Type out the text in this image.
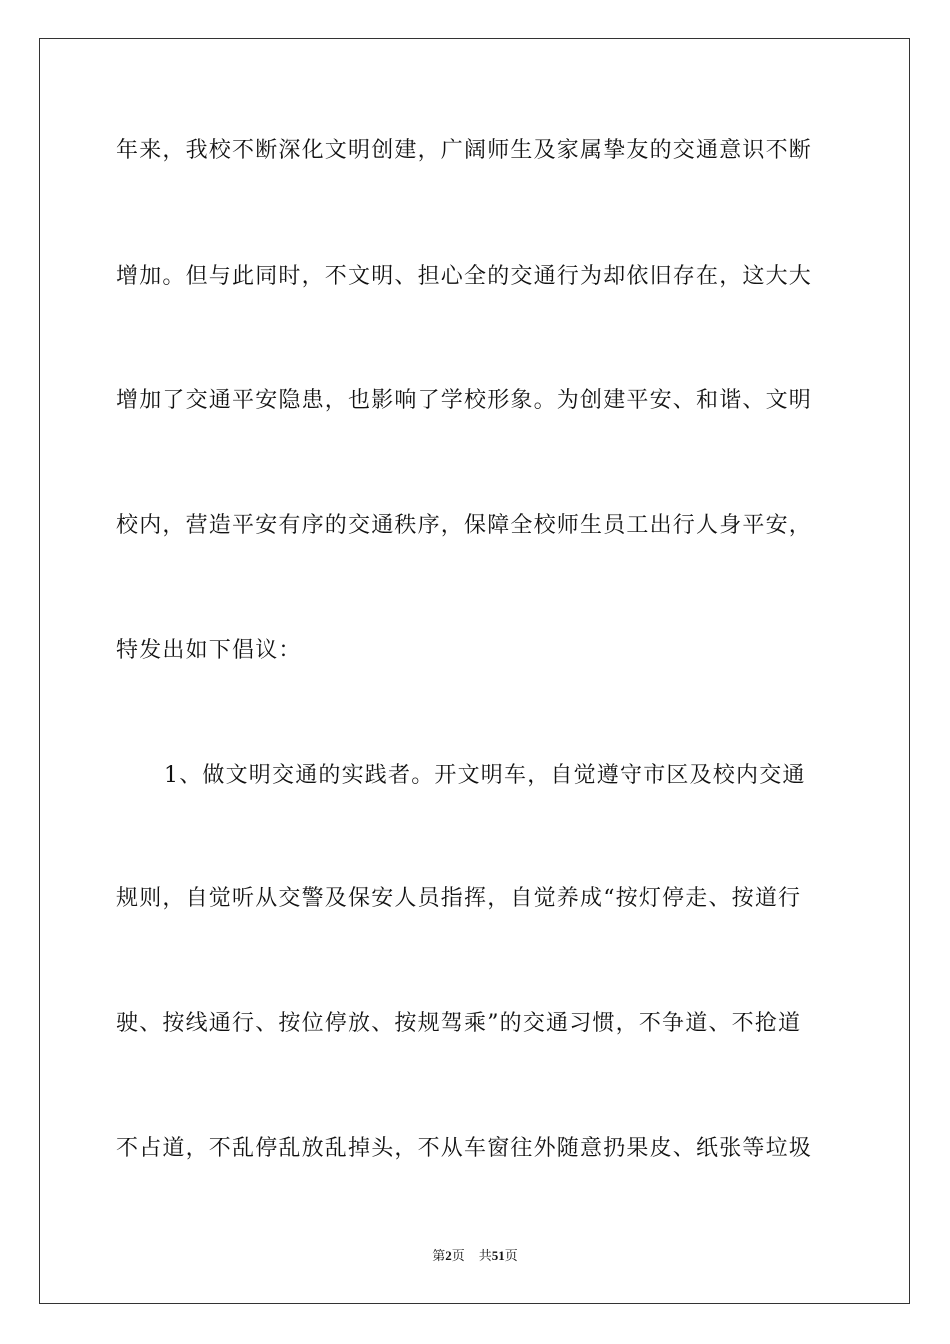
年来，我校不断深化文明创建，广阔师生及家属挚友的交通意识不断
增加。但与此同时，不文明、担心全的交通行为却依旧存在，这大大
增加了交通平安隐患，也影响了学校形象。为创建平安、和谐、文明
校内，营造平安有序的交通秩序，保障全校师生员工出行人身平安，
特发出如下倡议：
1、做文明交通的实践者。开文明车，自觉遵守市区及校内交通
规则，自觉听从交警及保安人员指挥，自觉养成“按灯停走、按道行
驶、按线通行、按位停放、按规驾乘”的交通习惯，不争道、不抢道
不占道，不乱停乱放乱掉头，不从车窗往外随意扔果皮、纸张等垃圾
第2页 共51页
